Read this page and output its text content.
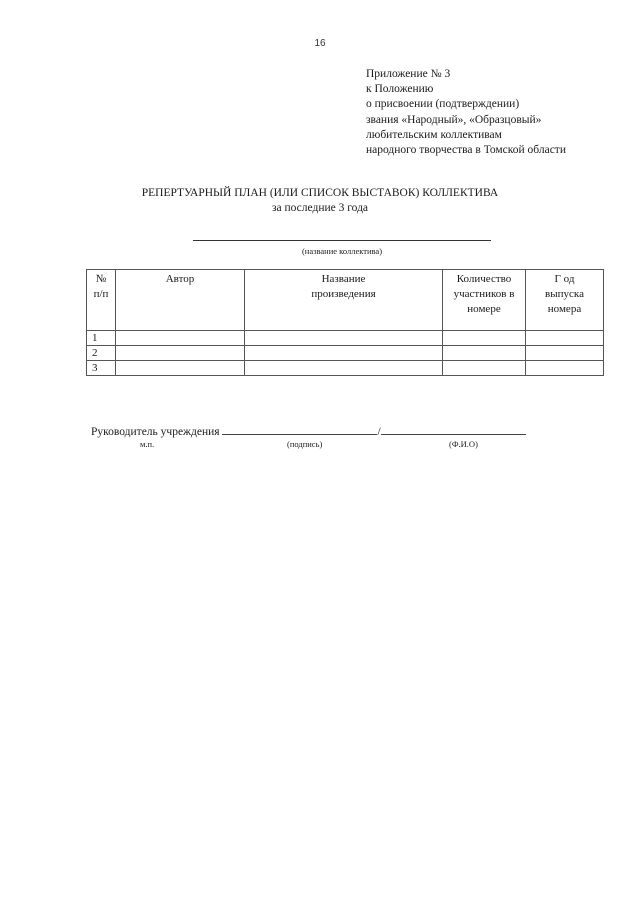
16
Приложение № 3
к Положению
о присвоении (подтверждении)
звания «Народный», «Образцовый»
любительским коллективам
народного творчества в Томской области
РЕПЕРТУАРНЫЙ ПЛАН (ИЛИ СПИСОК ВЫСТАВОК) КОЛЛЕКТИВА
за последние 3 года
(название коллектива)
№ п/п	Автор	Название произведения	Количество участников в номере	Г од выпуска номера

1				
2				
3				
Руководитель учреждения	/
м.п.	(подпись)	(Ф.И.О)
